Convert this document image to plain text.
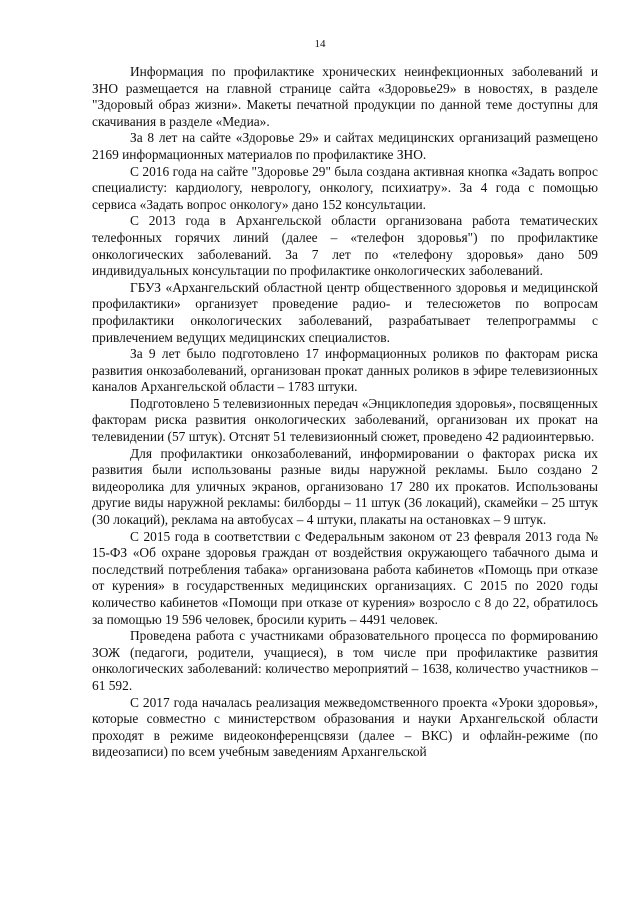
14

Информация по профилактике хронических неинфекционных заболеваний и ЗНО размещается на главной странице сайта «Здоровье29» в новостях, в разделе "Здоровый образ жизни». Макеты печатной продукции по данной теме доступны для скачивания в разделе «Медиа».

За 8 лет на сайте «Здоровье 29» и сайтах медицинских организаций размещено 2169 информационных материалов по профилактике ЗНО.

С 2016 года на сайте "Здоровье 29" была создана активная кнопка «Задать вопрос специалисту: кардиологу, неврологу, онкологу, психиатру». За 4 года с помощью сервиса «Задать вопрос онкологу» дано 152 консультации.

С 2013 года в Архангельской области организована работа тематических телефонных горячих линий (далее – «телефон здоровья") по профилактике онкологических заболеваний. За 7 лет по «телефону здоровья» дано 509 индивидуальных консультации по профилактике онкологических заболеваний.

ГБУЗ «Архангельский областной центр общественного здоровья и медицинской профилактики» организует проведение радио- и телесюжетов по вопросам профилактики онкологических заболеваний, разрабатывает телепрограммы с привлечением ведущих медицинских специалистов.

За 9 лет было подготовлено 17 информационных роликов по факторам риска развития онкозаболеваний, организован прокат данных роликов в эфире телевизионных каналов Архангельской области – 1783 штуки.

Подготовлено 5 телевизионных передач «Энциклопедия здоровья», посвященных факторам риска развития онкологических заболеваний, организован их прокат на телевидении (57 штук). Отснят 51 телевизионный сюжет, проведено 42 радиоинтервью.

Для профилактики онкозаболеваний, информировании о факторах риска их развития были использованы разные виды наружной рекламы. Было создано 2 видеоролика для уличных экранов, организовано 17 280 их прокатов. Использованы другие виды наружной рекламы: билборды – 11 штук (36 локаций), скамейки – 25 штук (30 локаций), реклама на автобусах – 4 штуки, плакаты на остановках – 9 штук.

С 2015 года в соответствии с Федеральным законом от 23 февраля 2013 года № 15-ФЗ «Об охране здоровья граждан от воздействия окружающего табачного дыма и последствий потребления табака» организована работа кабинетов «Помощь при отказе от курения» в государственных медицинских организациях. С 2015 по 2020 годы количество кабинетов «Помощи при отказе от курения» возросло с 8 до 22, обратилось за помощью 19 596 человек, бросили курить – 4491 человек.

Проведена работа с участниками образовательного процесса по формированию ЗОЖ (педагоги, родители, учащиеся), в том числе при профилактике развития онкологических заболеваний: количество мероприятий – 1638, количество участников – 61 592.

С 2017 года началась реализация межведомственного проекта «Уроки здоровья», которые совместно с министерством образования и науки Архангельской области проходят в режиме видеоконференцсвязи (далее – ВКС) и офлайн-режиме (по видеозаписи) по всем учебным заведениям Архангельской
